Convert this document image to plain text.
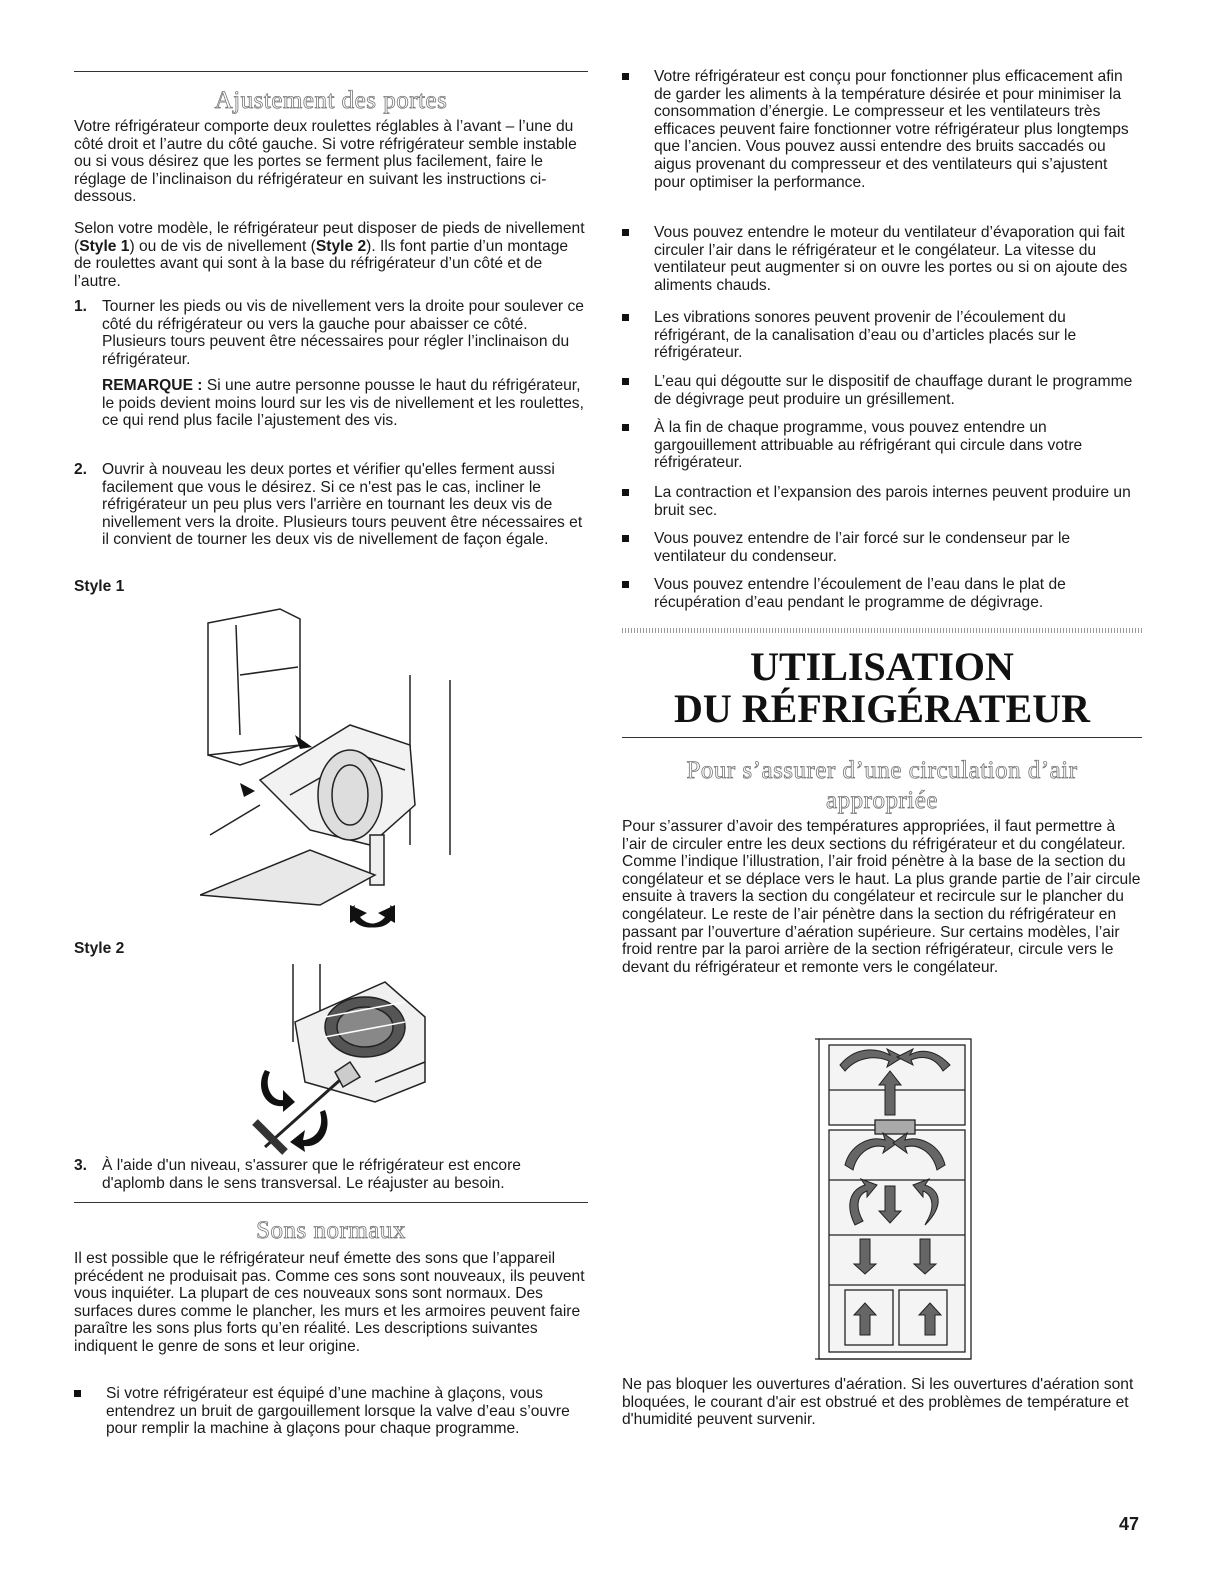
Ajustement des portes

Votre réfrigérateur comporte deux roulettes réglables à l’avant – l’une du côté droit et l’autre du côté gauche. Si votre réfrigérateur semble instable ou si vous désirez que les portes se ferment plus facilement, faire le réglage de l’inclinaison du réfrigérateur en suivant les instructions ci-dessous.

Selon votre modèle, le réfrigérateur peut disposer de pieds de nivellement (Style 1) ou de vis de nivellement (Style 2). Ils font partie d’un montage de roulettes avant qui sont à la base du réfrigérateur d’un côté et de l’autre.

1. Tourner les pieds ou vis de nivellement vers la droite pour soulever ce côté du réfrigérateur ou vers la gauche pour abaisser ce côté. Plusieurs tours peuvent être nécessaires pour régler l’inclinaison du réfrigérateur.
REMARQUE : Si une autre personne pousse le haut du réfrigérateur, le poids devient moins lourd sur les vis de nivellement et les roulettes, ce qui rend plus facile l’ajustement des vis.
2. Ouvrir à nouveau les deux portes et vérifier qu'elles ferment aussi facilement que vous le désirez. Si ce n'est pas le cas, incliner le réfrigérateur un peu plus vers l'arrière en tournant les deux vis de nivellement vers la droite. Plusieurs tours peuvent être nécessaires et il convient de tourner les deux vis de nivellement de façon égale.
Style 1
Style 2
3. À l'aide d'un niveau, s'assurer que le réfrigérateur est encore d'aplomb dans le sens transversal. Le réajuster au besoin.
Sons normaux

Il est possible que le réfrigérateur neuf émette des sons que l’appareil précédent ne produisait pas. Comme ces sons sont nouveaux, ils peuvent vous inquiéter. La plupart de ces nouveaux sons sont normaux. Des surfaces dures comme le plancher, les murs et les armoires peuvent faire paraître les sons plus forts qu’en réalité. Les descriptions suivantes indiquent le genre de sons et leur origine.

Si votre réfrigérateur est équipé d’une machine à glaçons, vous entendrez un bruit de gargouillement lorsque la valve d’eau s’ouvre pour remplir la machine à glaçons pour chaque programme.
Votre réfrigérateur est conçu pour fonctionner plus efficacement afin de garder les aliments à la température désirée et pour minimiser la consommation d’énergie. Le compresseur et les ventilateurs très efficaces peuvent faire fonctionner votre réfrigérateur plus longtemps que l’ancien. Vous pouvez aussi entendre des bruits saccadés ou aigus provenant du compresseur et des ventilateurs qui s’ajustent pour optimiser la performance.
Vous pouvez entendre le moteur du ventilateur d’évaporation qui fait circuler l’air dans le réfrigérateur et le congélateur. La vitesse du ventilateur peut augmenter si on ouvre les portes ou si on ajoute des aliments chauds.
Les vibrations sonores peuvent provenir de l’écoulement du réfrigérant, de la canalisation d’eau ou d’articles placés sur le réfrigérateur.
L’eau qui dégoutte sur le dispositif de chauffage durant le programme de dégivrage peut produire un grésillement.
À la fin de chaque programme, vous pouvez entendre un gargouillement attribuable au réfrigérant qui circule dans votre réfrigérateur.
La contraction et l’expansion des parois internes peuvent produire un bruit sec.
Vous pouvez entendre de l’air forcé sur le condenseur par le ventilateur du condenseur.
Vous pouvez entendre l’écoulement de l’eau dans le plat de récupération d’eau pendant le programme de dégivrage.
UTILISATION
DU RÉFRIGÉRATEUR
Pour s’assurer d’une circulation d’air
appropriée

Pour s’assurer d’avoir des températures appropriées, il faut permettre à l’air de circuler entre les deux sections du réfrigérateur et du congélateur. Comme l’indique l’illustration, l’air froid pénètre à la base de la section du congélateur et se déplace vers le haut. La plus grande partie de l’air circule ensuite à travers la section du congélateur et recircule sur le plancher du congélateur. Le reste de l’air pénètre dans la section du réfrigérateur en passant par l’ouverture d’aération supérieure. Sur certains modèles, l’air froid rentre par la paroi arrière de la section réfrigérateur, circule vers le devant du réfrigérateur et remonte vers le congélateur.

Ne pas bloquer les ouvertures d'aération. Si les ouvertures d'aération sont bloquées, le courant d'air est obstrué et des problèmes de température et d'humidité peuvent survenir.

47
